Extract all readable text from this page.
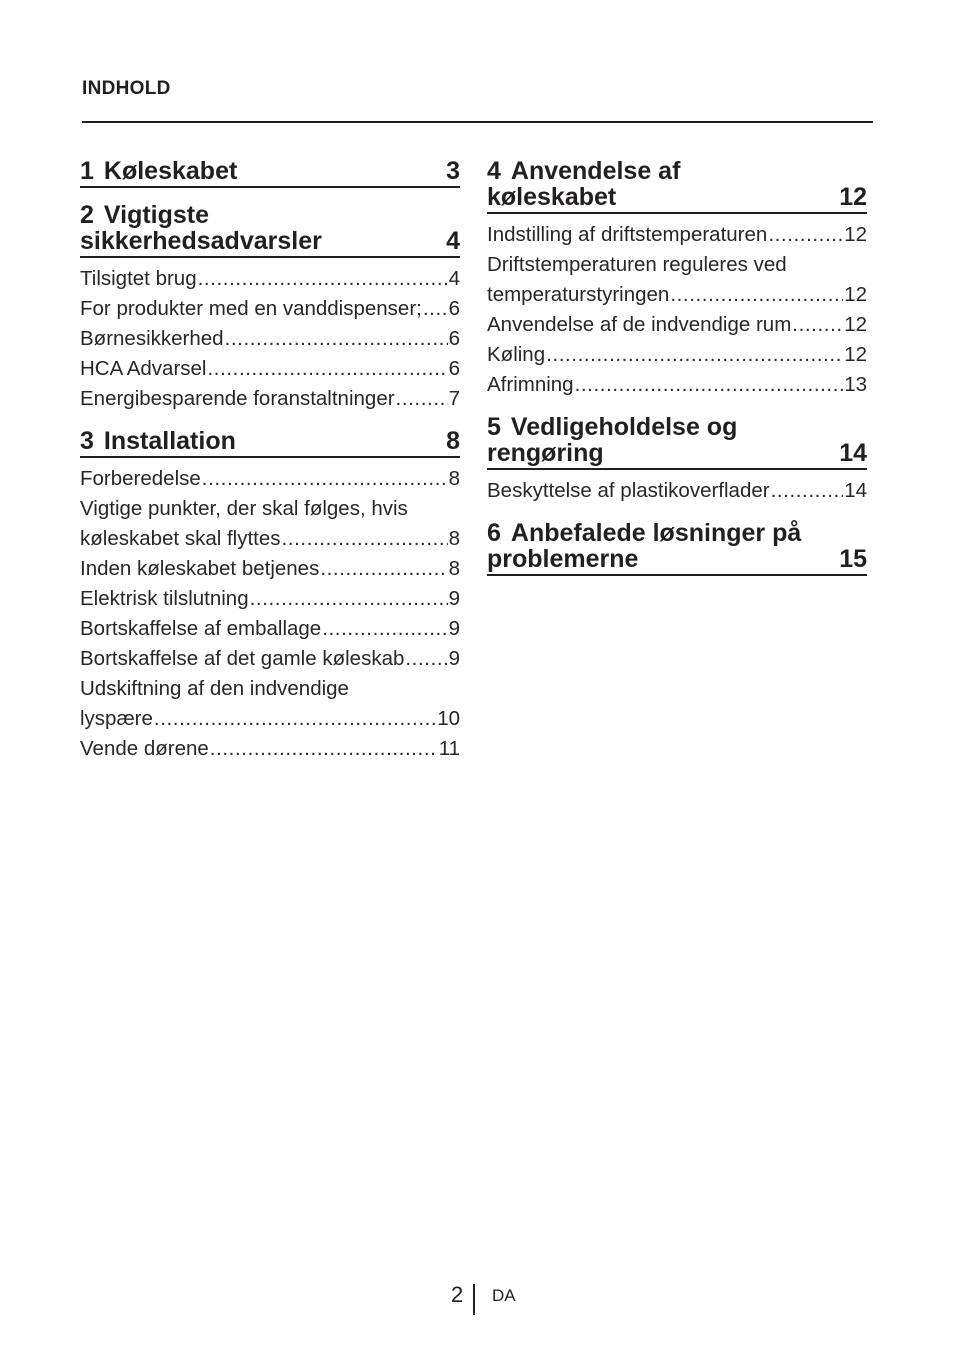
INDHOLD
1 Køleskabet	3
2 Vigtigste
sikkerhedsadvarsler	4
Tilsigtet brug .....	4
For produkter med en vanddispenser; ..... 6
Børnesikkerhed .....	6
HCA Advarsel .....	6
Energibesparende foranstaltninger .....	7
3 Installation	8
Forberedelse .....	8
Vigtige punkter, der skal følges, hvis
køleskabet skal flyttes .....	8
Inden køleskabet betjenes .....	8
Elektrisk tilslutning .....	9
Bortskaffelse af emballage .....	9
Bortskaffelse af det gamle køleskab ..... 9
Udskiftning af den indvendige
lyspære .....	10
Vende dørene .....	11
4 Anvendelse af
køleskabet	12
Indstilling af driftstemperaturen .....	12
Driftstemperaturen reguleres ved
temperaturstyringen .....	12
Anvendelse af de indvendige rum .....	12
Køling .....	12
Afrimning .....	13
5 Vedligeholdelse og
rengøring	14
Beskyttelse af plastikoverflader .....	14
6 Anbefalede løsninger på
problemerne	15
2 DA
